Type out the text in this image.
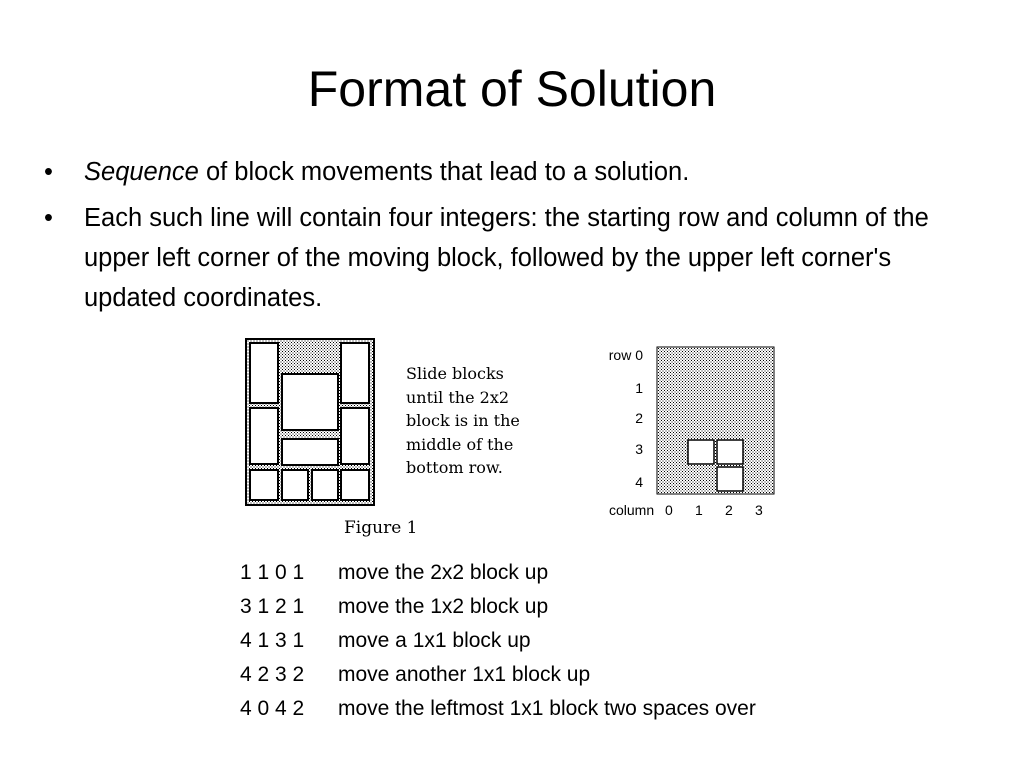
Format of Solution
• Sequence of block movements that lead to a solution.
• Each such line will contain four integers: the starting row and column of the upper left corner of the moving block, followed by the upper left corner's updated coordinates.
Slide blocks
until the 2x2
block is in the
middle of the
bottom row.
Figure 1
row 0
1
2
3
4
column 0 1 2 3
1 1 0 1 move the 2x2 block up
3 1 2 1 move the 1x2 block up
4 1 3 1 move a 1x1 block up
4 2 3 2 move another 1x1 block up
4 0 4 2 move the leftmost 1x1 block two spaces over
